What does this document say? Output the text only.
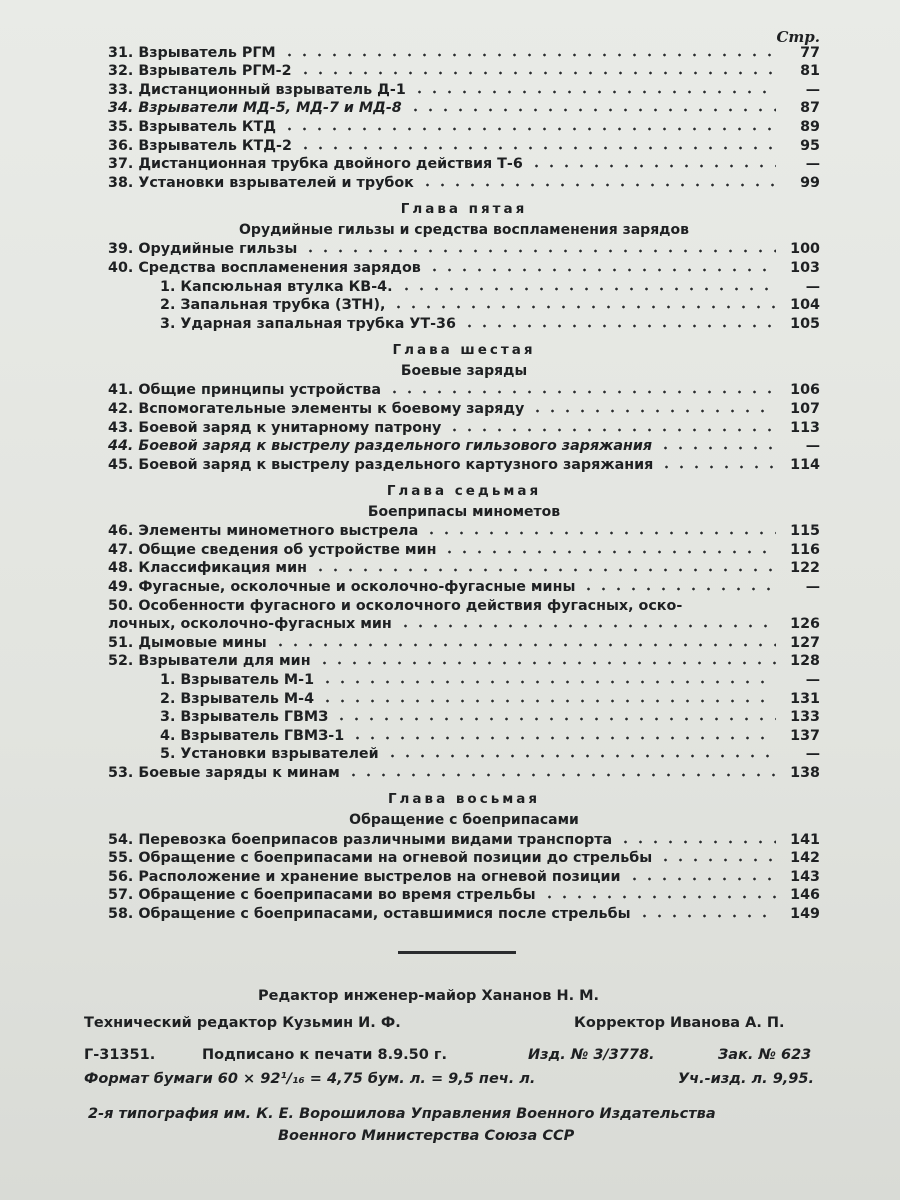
Стр.
31. Взрыватель РГМ	77
32. Взрыватель РГМ-2	81
33. Дистанционный взрыватель Д-1	—
34. Взрыватели МД-5, МД-7 и МД-8	87
35. Взрыватель КТД	89
36. Взрыватель КТД-2	95
37. Дистанционная трубка двойного действия Т-6	—
38. Установки взрывателей и трубок	99
Глава пятая
Орудийные гильзы и средства воспламенения зарядов
39. Орудийные гильзы	100
40. Средства воспламенения зарядов	103
1. Капсюльная втулка КВ-4.	—
2. Запальная трубка (ЗТН),	104
3. Ударная запальная трубка УТ-36	105
Глава шестая
Боевые заряды
41. Общие принципы устройства	106
42. Вспомогательные элементы к боевому заряду	107
43. Боевой заряд к унитарному патрону	113
44. Боевой заряд к выстрелу раздельного гильзового заряжания	—
45. Боевой заряд к выстрелу раздельного картузного заряжания	114
Глава седьмая
Боеприпасы минометов
46. Элементы минометного выстрела	115
47. Общие сведения об устройстве мин	116
48. Классификация мин	122
49. Фугасные, осколочные и осколочно-фугасные мины	—
50. Особенности фугасного и осколочного действия фугасных, оско-
лочных, осколочно-фугасных мин	126
51. Дымовые мины	127
52. Взрыватели для мин	128
1. Взрыватель М-1	—
2. Взрыватель М-4	131
3. Взрыватель ГВМЗ	133
4. Взрыватель ГВМЗ-1	137
5. Установки взрывателей	—
53. Боевые заряды к минам	138
Глава восьмая
Обращение с боеприпасами
54. Перевозка боеприпасов различными видами транспорта	141
55. Обращение с боеприпасами на огневой позиции до стрельбы	142
56. Расположение и хранение выстрелов на огневой позиции	143
57. Обращение с боеприпасами во время стрельбы	146
58. Обращение с боеприпасами, оставшимися после стрельбы	149
Редактор инженер-майор Хананов Н. М.
Технический редактор Кузьмин И. Ф.	Корректор Иванова А. П.
Г-31351.	Подписано к печати 8.9.50 г.	Изд. № 3/3778.	Зак. № 623
Формат бумаги 60 × 92¹/₁₆ = 4,75 бум. л. = 9,5 печ. л.	Уч.-изд. л. 9,95.
2-я типография им. К. Е. Ворошилова Управления Военного Издательства
Военного Министерства Союза ССР
